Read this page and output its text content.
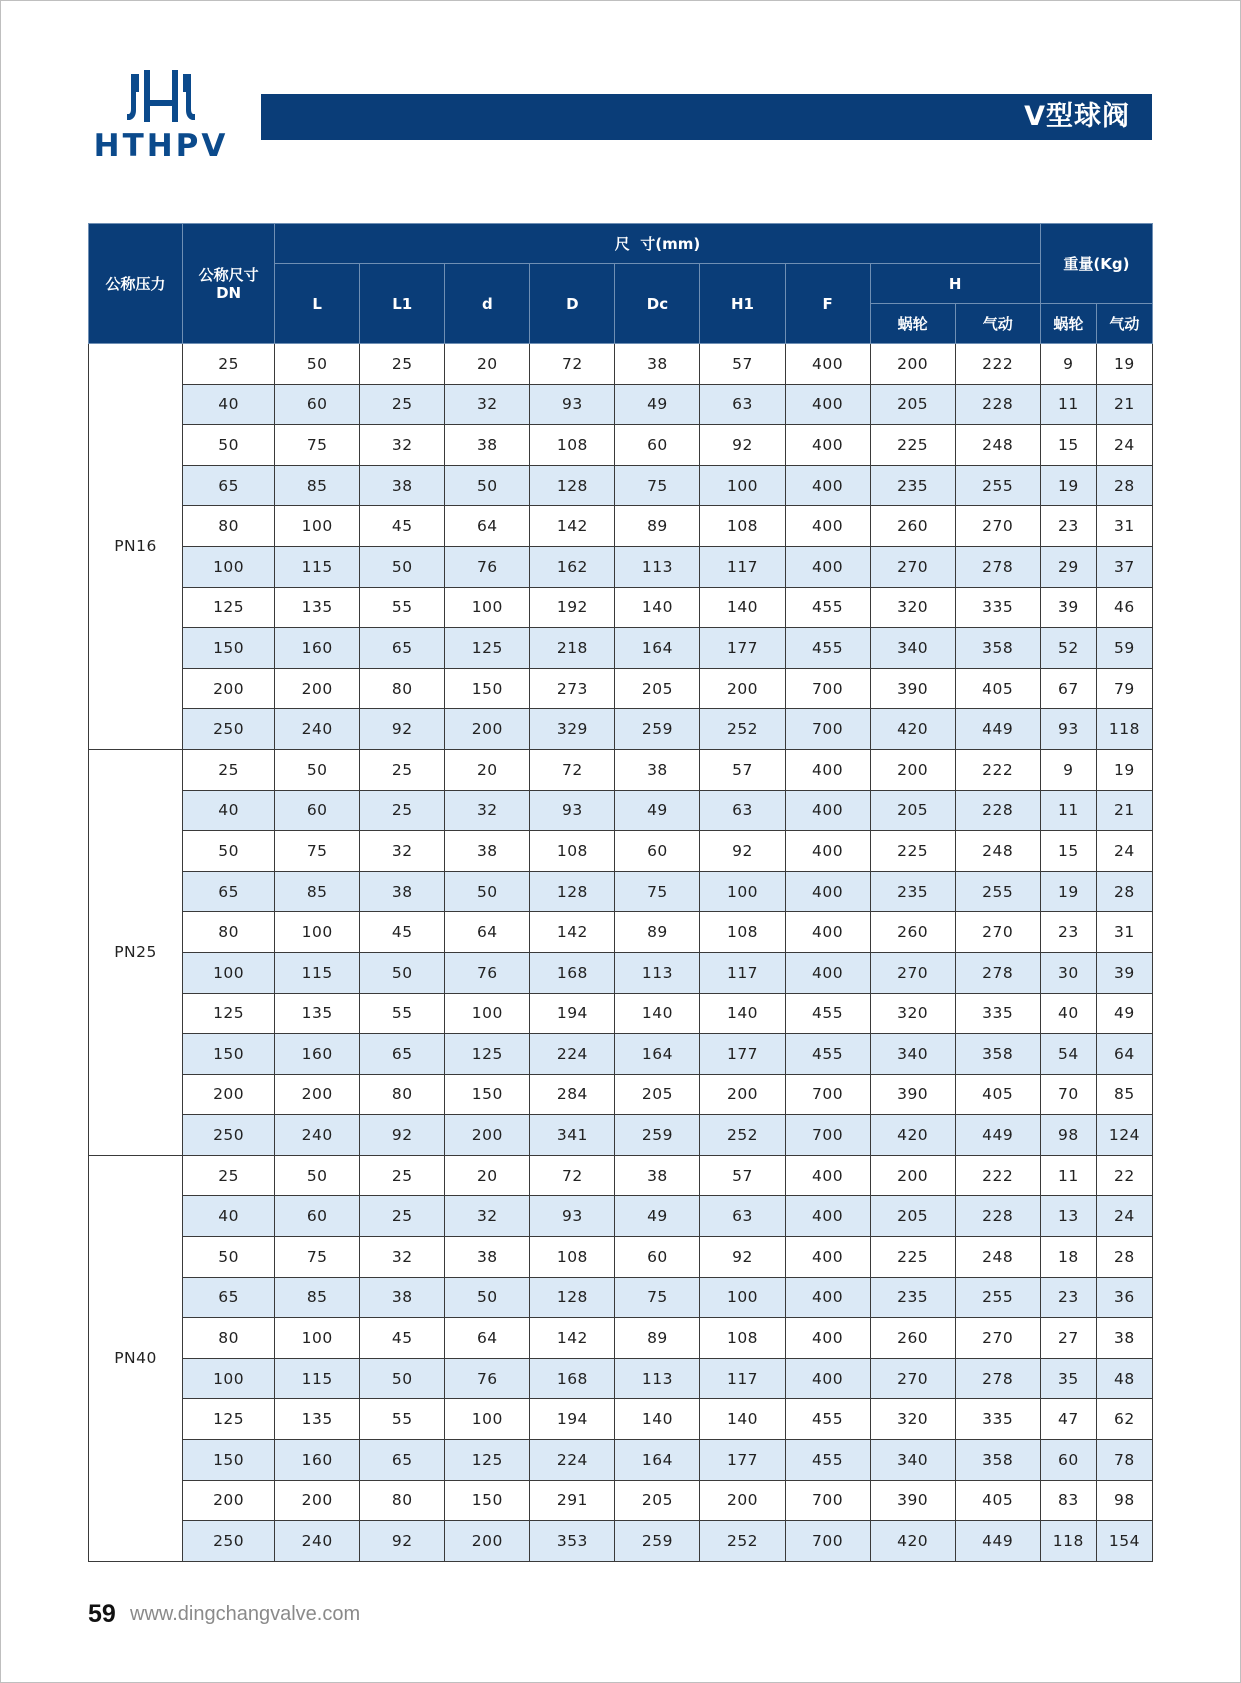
HTHPV
V型球阀
公称压力	公称尺寸
DN	尺  寸(mm)									重量(Kg)	
		L	L1	d	D	Dc	H1	F	H			
									蜗轮	气动	蜗轮	气动
PN16	25	50	25	20	72	38	57	400	200	222	9	19
	40	60	25	32	93	49	63	400	205	228	11	21
	50	75	32	38	108	60	92	400	225	248	15	24
	65	85	38	50	128	75	100	400	235	255	19	28
	80	100	45	64	142	89	108	400	260	270	23	31
	100	115	50	76	162	113	117	400	270	278	29	37
	125	135	55	100	192	140	140	455	320	335	39	46
	150	160	65	125	218	164	177	455	340	358	52	59
	200	200	80	150	273	205	200	700	390	405	67	79
	250	240	92	200	329	259	252	700	420	449	93	118
PN25	25	50	25	20	72	38	57	400	200	222	9	19
	40	60	25	32	93	49	63	400	205	228	11	21
	50	75	32	38	108	60	92	400	225	248	15	24
	65	85	38	50	128	75	100	400	235	255	19	28
	80	100	45	64	142	89	108	400	260	270	23	31
	100	115	50	76	168	113	117	400	270	278	30	39
	125	135	55	100	194	140	140	455	320	335	40	49
	150	160	65	125	224	164	177	455	340	358	54	64
	200	200	80	150	284	205	200	700	390	405	70	85
	250	240	92	200	341	259	252	700	420	449	98	124
PN40	25	50	25	20	72	38	57	400	200	222	11	22
	40	60	25	32	93	49	63	400	205	228	13	24
	50	75	32	38	108	60	92	400	225	248	18	28
	65	85	38	50	128	75	100	400	235	255	23	36
	80	100	45	64	142	89	108	400	260	270	27	38
	100	115	50	76	168	113	117	400	270	278	35	48
	125	135	55	100	194	140	140	455	320	335	47	62
	150	160	65	125	224	164	177	455	340	358	60	78
	200	200	80	150	291	205	200	700	390	405	83	98
	250	240	92	200	353	259	252	700	420	449	118	154
59 www.dingchangvalve.com
